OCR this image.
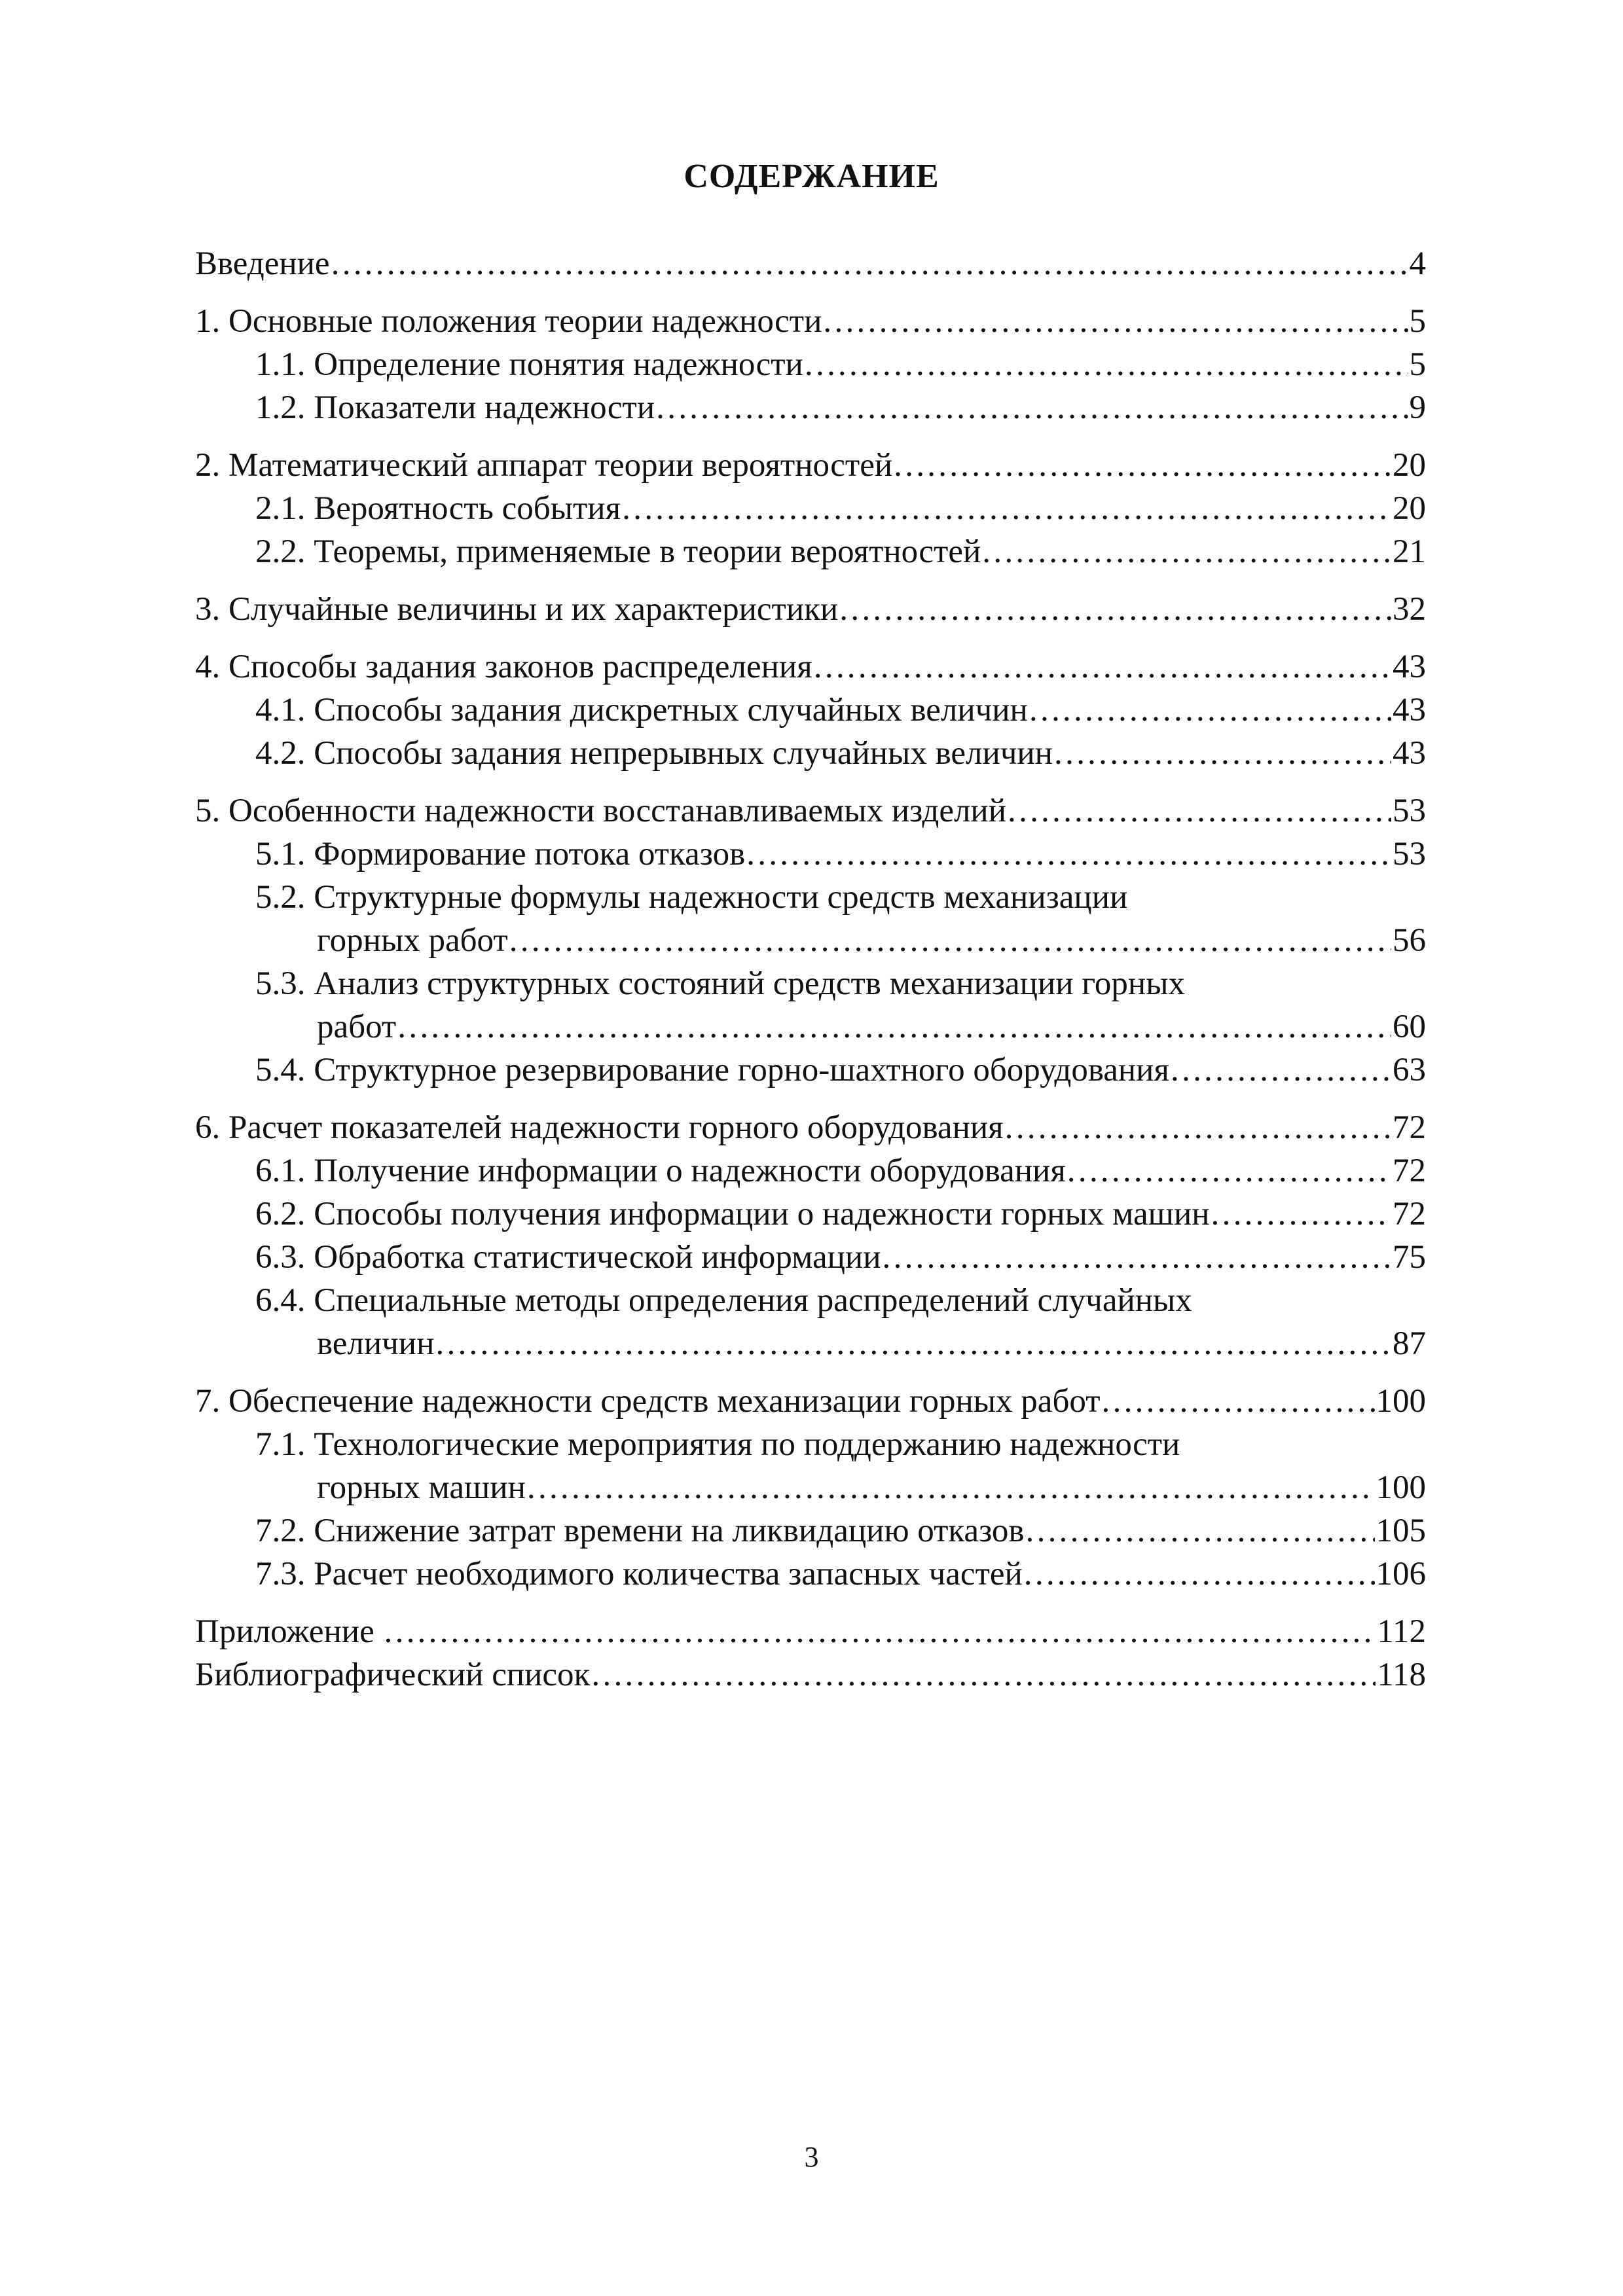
СОДЕРЖАНИЕ
Введение …………………………………………………………………………………………………………………………………………………………………………………………	4
1. Основные положения теории надежности …………………………………………………………………………………………………………………………………………………………………………………………	5
1.1. Определение понятия надежности …………………………………………………………………………………………………………………………………………………………………………………………	5
1.2. Показатели надежности …………………………………………………………………………………………………………………………………………………………………………………………	9
2. Математический аппарат теории вероятностей …………………………………………………………………………………………………………………………………………………………………………………………	20
2.1. Вероятность события …………………………………………………………………………………………………………………………………………………………………………………………	20
2.2. Теоремы, применяемые в теории вероятностей …………………………………………………………………………………………………………………………………………………………………………………………	21
3. Случайные величины и их характеристики …………………………………………………………………………………………………………………………………………………………………………………………	32
4. Способы задания законов распределения …………………………………………………………………………………………………………………………………………………………………………………………	43
4.1. Способы задания дискретных случайных величин …………………………………………………………………………………………………………………………………………………………………………………………	43
4.2. Способы задания непрерывных случайных величин …………………………………………………………………………………………………………………………………………………………………………………………	43
5. Особенности надежности восстанавливаемых изделий …………………………………………………………………………………………………………………………………………………………………………………………	53
5.1. Формирование потока отказов …………………………………………………………………………………………………………………………………………………………………………………………	53
5.2. Структурные формулы надежности средств механизации
горных работ …………………………………………………………………………………………………………………………………………………………………………………………	56
5.3. Анализ структурных состояний средств механизации горных
работ …………………………………………………………………………………………………………………………………………………………………………………………	60
5.4. Структурное резервирование горно-шахтного оборудования …………………………………………………………………………………………………………………………………………………………………………………………	63
6. Расчет показателей надежности горного оборудования …………………………………………………………………………………………………………………………………………………………………………………………	72
6.1. Получение информации о надежности оборудования …………………………………………………………………………………………………………………………………………………………………………………………	72
6.2. Способы получения информации о надежности горных машин …………………………………………………………………………………………………………………………………………………………………………………………	72
6.3. Обработка статистической информации …………………………………………………………………………………………………………………………………………………………………………………………	75
6.4. Специальные методы определения распределений случайных
величин …………………………………………………………………………………………………………………………………………………………………………………………	87
7. Обеспечение надежности средств механизации горных работ …………………………………………………………………………………………………………………………………………………………………………………………	100
7.1. Технологические мероприятия по поддержанию надежности
горных машин …………………………………………………………………………………………………………………………………………………………………………………………	100
7.2. Снижение затрат времени на ликвидацию отказов …………………………………………………………………………………………………………………………………………………………………………………………	105
7.3. Расчет необходимого количества запасных частей …………………………………………………………………………………………………………………………………………………………………………………………	106
Приложение …………………………………………………………………………………………………………………………………………………………………………………………	112
Библиографический список …………………………………………………………………………………………………………………………………………………………………………………………	118
3
